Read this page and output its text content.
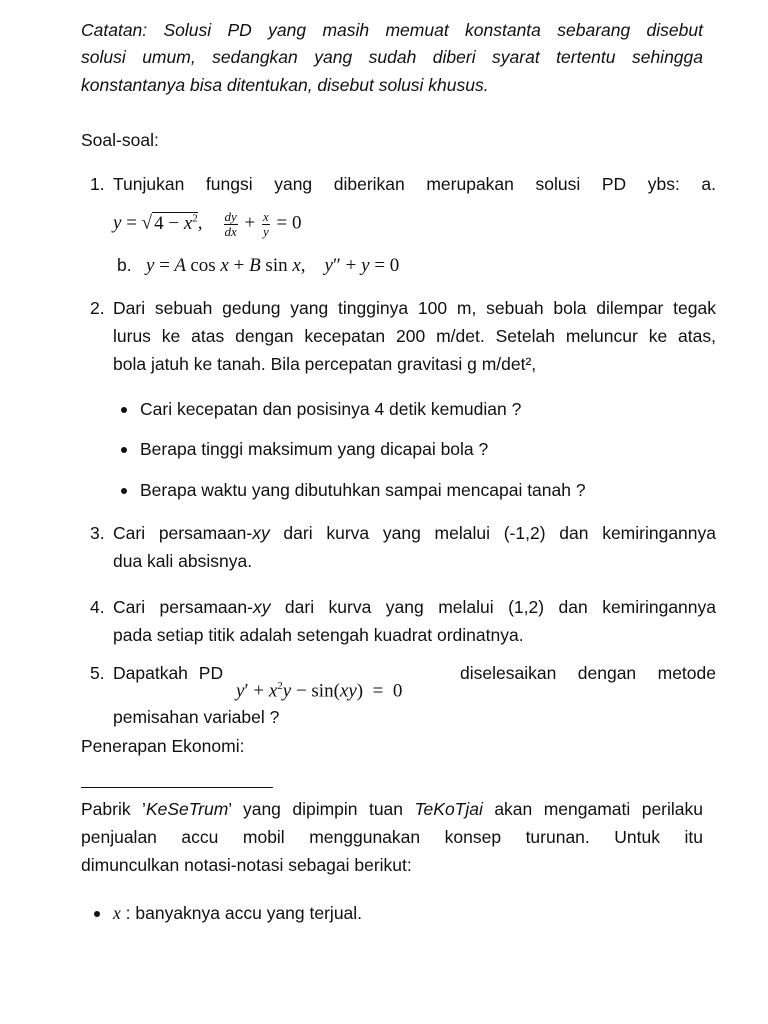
Catatan: Solusi PD yang masih memuat konstanta sebarang disebut
solusi umum, sedangkan yang sudah diberi syarat tertentu sehingga
konstantanya bisa ditentukan, disebut solusi khusus.
Soal-soal:
1. Tunjukan fungsi yang diberikan merupakan solusi PD ybs: a.
y = √ $4 - x^2$, $\frac{dy}{dx} + \frac{x}{y} = 0$
b. y = A cos x + B sin x,    y″ + y = 0
2. Dari sebuah gedung yang tingginya 100 m, sebuah bola dilempar tegak
lurus ke atas dengan kecepatan 200 m/det. Setelah meluncur ke atas,
bola jatuh ke tanah. Bila percepatan gravitasi g m/det²,
Cari kecepatan dan posisinya 4 detik kemudian ?
Berapa tinggi maksimum yang dicapai bola ?
Berapa waktu yang dibutuhkan sampai mencapai tanah ?
3. Cari persamaan-xy dari kurva yang melalui (-1,2) dan kemiringannya
dua kali absisnya.
4. Cari persamaan-xy dari kurva yang melalui (1,2) dan kemiringannya
pada setiap titik adalah setengah kuadrat ordinatnya.
5. Dapatkah PD
$y' + x^2y - \sin(xy) = 0$
diselesaikan dengan metode
pemisahan variabel ?
Penerapan Ekonomi:
Pabrik ’KeSeTrum’ yang dipimpin tuan TeKoTjai akan mengamati perilaku
penjualan accu mobil menggunakan konsep turunan. Untuk itu
dimunculkan notasi-notasi sebagai berikut:
x : banyaknya accu yang terjual.
